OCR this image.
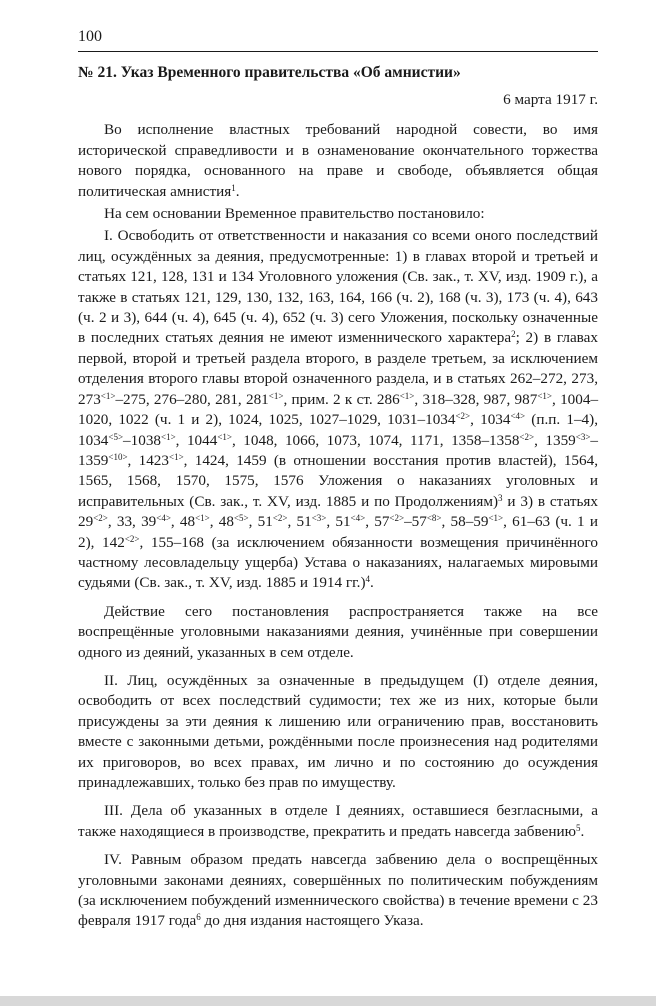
100
№ 21. Указ Временного правительства «Об амнистии»
6 марта 1917 г.

Во исполнение властных требований народной совести, во имя исторической справедливости и в ознаменование окончательного торжества нового порядка, основанного на праве и свободе, объявляется общая политическая амнистия$^1$.

На сем основании Временное правительство постановило:

I. Освободить от ответственности и наказания со всеми оного последствий лиц, осуждённых за деяния, предусмотренные: 1) в главах второй и третьей и статьях 121, 128, 131 и 134 Уголовного уложения (Св. зак., т. XV, изд. 1909 г.), а также в статьях 121, 129, 130, 132, 163, 164, 166 (ч. 2), 168 (ч. 3), 173 (ч. 4), 643 (ч. 2 и 3), 644 (ч. 4), 645 (ч. 4), 652 (ч. 3) сего Уложения, поскольку означенные в последних статьях деяния не имеют изменнического характера$^2$; 2) в главах первой, второй и третьей раздела второго, в разделе третьем, за исключением отделения второго главы второй означенного раздела, и в статьях 262–272, 273, $273^{<1>}-275$, 276–280, 281, $281^{<1>}$, прим. 2 к ст. $286^{<1>}$, 318–328, 987, $987^{<1>}$, 1004– 1020, 1022 (ч. 1 и 2), 1024, 1025, 1027–1029, $1031-1034^{<2>}$, $1034^{<4>}$ (п.п. 1–4), $1034^{<5>}-1038^{<1>}$, $1044^{<1>}$, 1048, 1066, 1073, 1074, 1171, $1358-1358^{<2>}$, $1359^{<3>}-1359^{<10>}$, $1423^{<1>}$, 1424, 1459 (в отношении восстания против властей), 1564, 1565, 1568, 1570, 1575, 1576 Уложения о наказаниях уголовных и исправительных (Св. зак., т. XV, изд. 1885 и по Продолжениям)$^3$ и 3) в статьях $29^{<2>}$, 33, $39^{<4>}$, $48^{<1>}$, $48^{<5>}$, $51^{<2>}$, $51^{<3>}$, $51^{<4>}$, $57^{<2>}-57^{<8>}$, $58-59^{<1>}$, 61–63 (ч. 1 и 2), $142^{<2>}$, 155–168 (за исключением обязанности возмещения причинённого частному лесовладельцу ущерба) Устава о наказаниях, налагаемых мировыми судьями (Св. зак., т. XV, изд. 1885 и 1914 гг.)$^4$.

Действие сего постановления распространяется также на все воспрещённые уголовными наказаниями деяния, учинённые при совершении одного из деяний, указанных в сем отделе.

II. Лиц, осуждённых за означенные в предыдущем (I) отделе деяния, освободить от всех последствий судимости; тех же из них, которые были присуждены за эти деяния к лишению или ограничению прав, восстановить вместе с законными детьми, рождёнными после произнесения над родителями их приговоров, во всех правах, им лично и по состоянию до осуждения принадлежавших, только без прав по имуществу.

III. Дела об указанных в отделе I деяниях, оставшиеся безгласными, а также находящиеся в производстве, прекратить и предать навсегда забвению$^5$.

IV. Равным образом предать навсегда забвению дела о воспрещённых уголовными законами деяниях, совершённых по политическим побуждениям (за исключением побуждений изменнического свойства) в течение времени с 23 февраля 1917 года$^6$ до дня издания настоящего Указа.
